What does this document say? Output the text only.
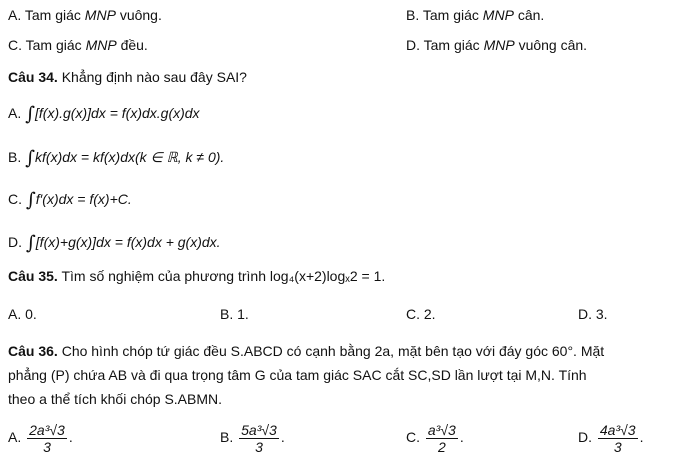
A. Tam giác MNP vuông.	B. Tam giác MNP cân.
C. Tam giác MNP đều.	D. Tam giác MNP vuông cân.
Câu 34. Khẳng định nào sau đây SAI?
A. ∫[f(x).g(x)]dx = f(x)dx.g(x)dx
B. ∫kf(x)dx = kf(x)dx(k ∈ ℝ, k ≠ 0).
C. ∫f′(x)dx = f(x)+C.
D. ∫[f(x)+g(x)]dx = f(x)dx + g(x)dx.
Câu 35. Tìm số nghiệm của phương trình log₄(x+2)logₓ2 = 1.
A. 0.	B. 1.	C. 2.	D. 3.
Câu 36. Cho hình chóp tứ giác đều S.ABCD có cạnh bằng 2a, mặt bên tạo với đáy góc 60°. Mặt
phẳng (P) chứa AB và đi qua trọng tâm G của tam giác SAC cắt SC,SD lần lượt tại M,N. Tính
theo a thể tích khối chóp S.ABMN.
A. $\frac{\text{2a³√3}}{3}$ .	B. $\frac{\text{5a³√3}}{3}$ .	C. $\frac{\text{a³√3}}{2}$ .	D. $\frac{\text{4a³√3}}{3}$ .
